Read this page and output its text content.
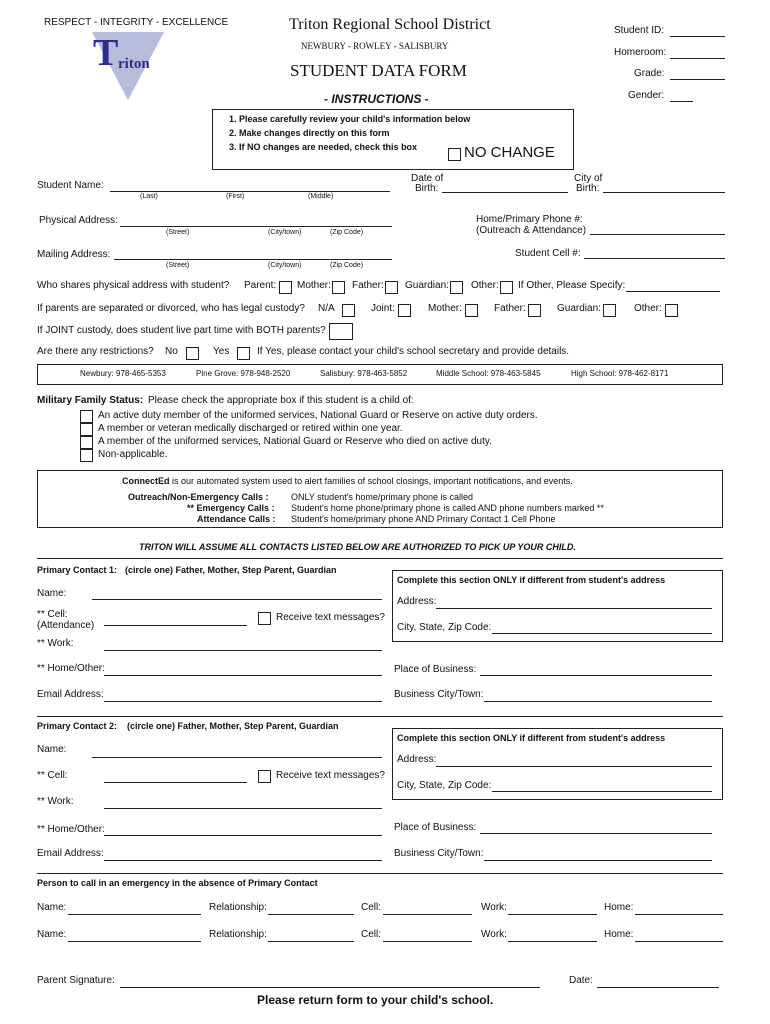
RESPECT - INTEGRITY - EXCELLENCE
T riton
Triton Regional School District
NEWBURY - ROWLEY - SALISBURY
STUDENT DATA FORM
- INSTRUCTIONS -
Student ID:
Homeroom:
Grade:
Gender:
1. Please carefully review your child's information below
2. Make changes directly on this form
3. If NO changes are needed, check this box	NO CHANGE
Student Name:
(Last)	(First)	(Middle)
Date of
Birth:
City of
Birth:
Physical Address:
(Street)	(City/town)	(Zip Code)
Home/Primary Phone #:
(Outreach & Attendance)
Mailing Address:
(Street)	(City/town)	(Zip Code)
Student Cell #:
Who shares physical address with student? Parent: Mother: Father: Guardian: Other: If Other, Please Specify:
If parents are separated or divorced, who has legal custody? N/A	Joint:	Mother:	Father:	Guardian:	Other:
If JOINT custody, does student live part time with BOTH parents?
Are there any restrictions? No	Yes	If Yes, please contact your child's school secretary and provide details.
Newbury: 978-465-5353	Pine Grove: 978-948-2520	Salisbury: 978-463-5852	Middle School: 978-463-5845	High School: 978-462-8171
Military Family Status: Please check the appropriate box if this student is a child of:
An active duty member of the uniformed services, National Guard or Reserve on active duty orders.
A member or veteran medically discharged or retired within one year.
A member of the uniformed services, National Guard or Reserve who died on active duty.
Non-applicable.
ConnectEd is our automated system used to alert families of school closings, important notifications, and events.
Outreach/Non-Emergency Calls : ONLY student's home/primary phone is called
** Emergency Calls : Student's home phone/primary phone is called AND phone numbers marked **
Attendance Calls : Student's home/primary phone AND Primary Contact 1 Cell Phone
TRITON WILL ASSUME ALL CONTACTS LISTED BELOW ARE AUTHORIZED TO PICK UP YOUR CHILD.
Primary Contact 1: (circle one) Father, Mother, Step Parent, Guardian
Name:
** Cell:
(Attendance)
Receive text messages?
** Work:
** Home/Other:
Email Address:
Complete this section ONLY if different from student's address
Address:
City, State, Zip Code:
Place of Business:
Business City/Town:
Primary Contact 2: (circle one) Father, Mother, Step Parent, Guardian
Name:
** Cell:	Receive text messages?
** Work:
** Home/Other:
Email Address:
Complete this section ONLY if different from student's address
Address:
City, State, Zip Code:
Place of Business:
Business City/Town:
Person to call in an emergency in the absence of Primary Contact
Name:	Relationship:	Cell:	Work:	Home:
Name:	Relationship:	Cell:	Work:	Home:
Parent Signature:	Date:
Please return form to your child's school.
